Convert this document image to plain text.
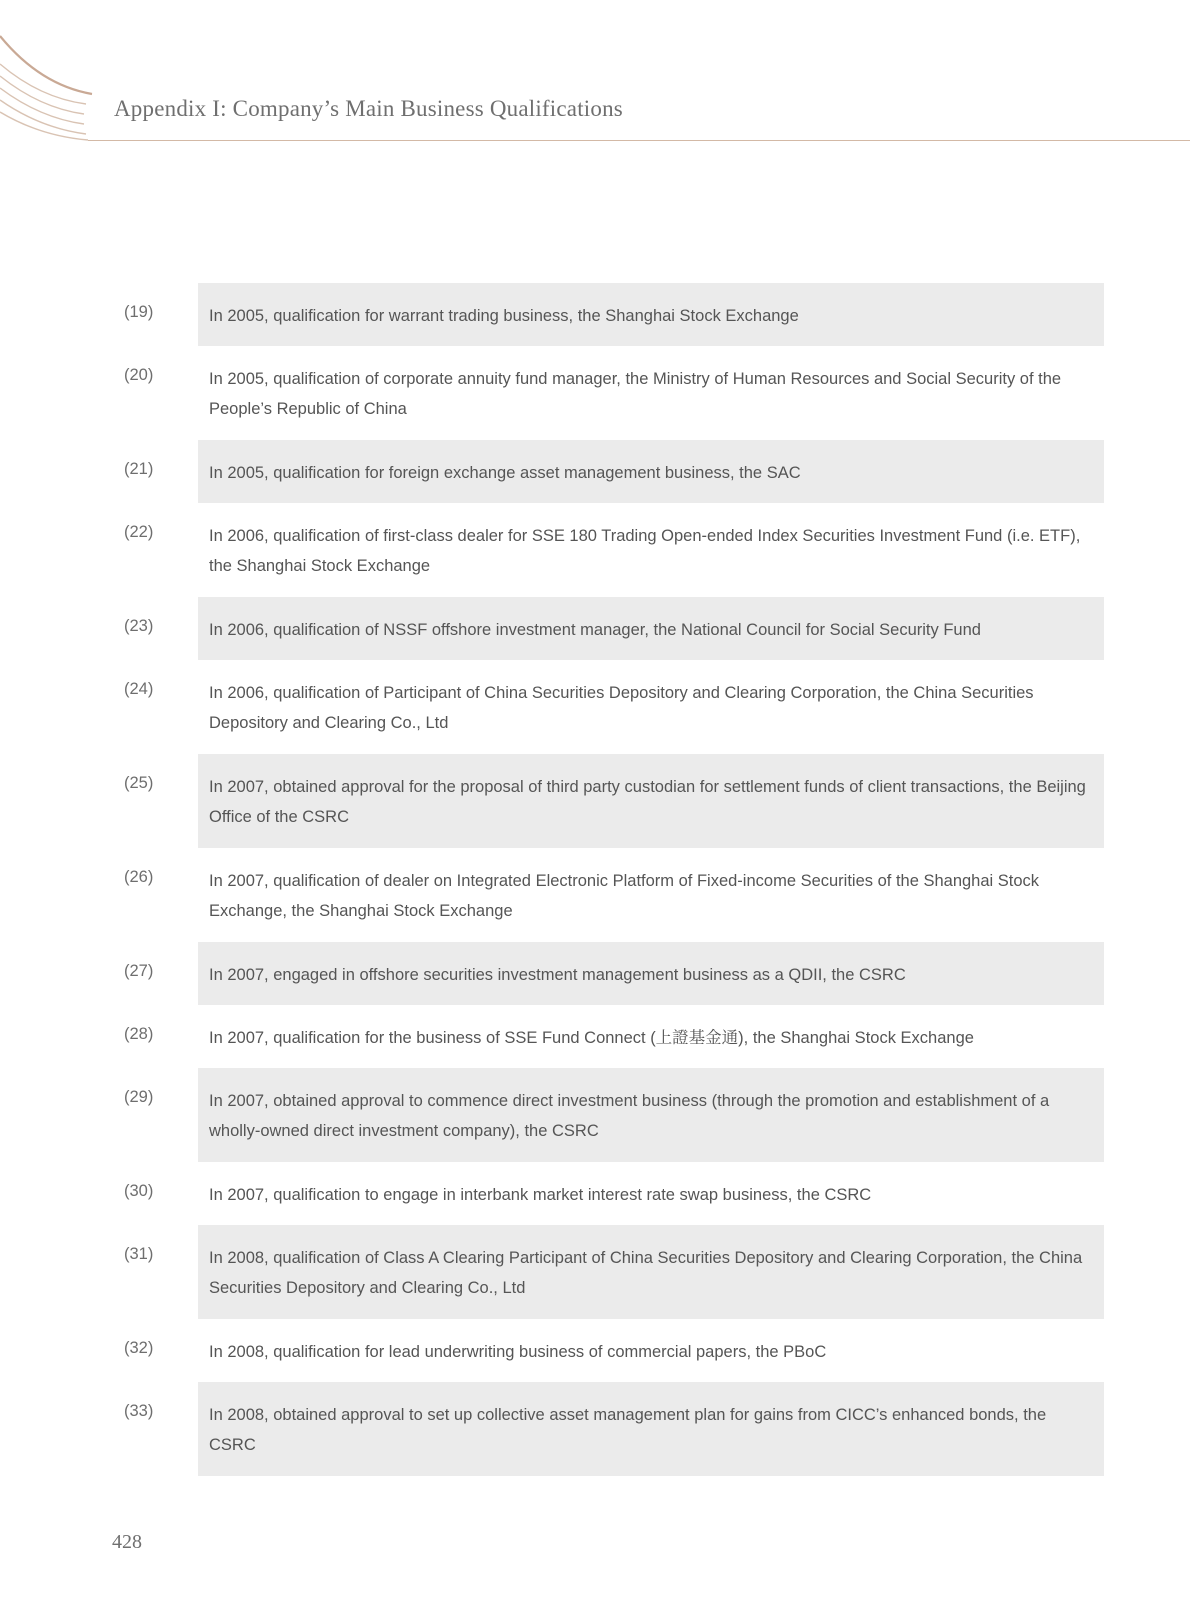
Appendix I: Company’s Main Business Qualifications
(19)	In 2005, qualification for warrant trading business, the Shanghai Stock Exchange
(20)	In 2005, qualification of corporate annuity fund manager, the Ministry of Human Resources and Social Security of the People’s Republic of China
(21)	In 2005, qualification for foreign exchange asset management business, the SAC
(22)	In 2006, qualification of first-class dealer for SSE 180 Trading Open-ended Index Securities Investment Fund (i.e. ETF), the Shanghai Stock Exchange
(23)	In 2006, qualification of NSSF offshore investment manager, the National Council for Social Security Fund
(24)	In 2006, qualification of Participant of China Securities Depository and Clearing Corporation, the China Securities Depository and Clearing Co., Ltd
(25)	In 2007, obtained approval for the proposal of third party custodian for settlement funds of client transactions, the Beijing Office of the CSRC
(26)	In 2007, qualification of dealer on Integrated Electronic Platform of Fixed-income Securities of the Shanghai Stock Exchange, the Shanghai Stock Exchange
(27)	In 2007, engaged in offshore securities investment management business as a QDII, the CSRC
(28)	In 2007, qualification for the business of SSE Fund Connect (上證基金通), the Shanghai Stock Exchange
(29)	In 2007, obtained approval to commence direct investment business (through the promotion and establishment of a wholly-owned direct investment company), the CSRC
(30)	In 2007, qualification to engage in interbank market interest rate swap business, the CSRC
(31)	In 2008, qualification of Class A Clearing Participant of China Securities Depository and Clearing Corporation, the China Securities Depository and Clearing Co., Ltd
(32)	In 2008, qualification for lead underwriting business of commercial papers, the PBoC
(33)	In 2008, obtained approval to set up collective asset management plan for gains from CICC’s enhanced bonds, the CSRC
428
